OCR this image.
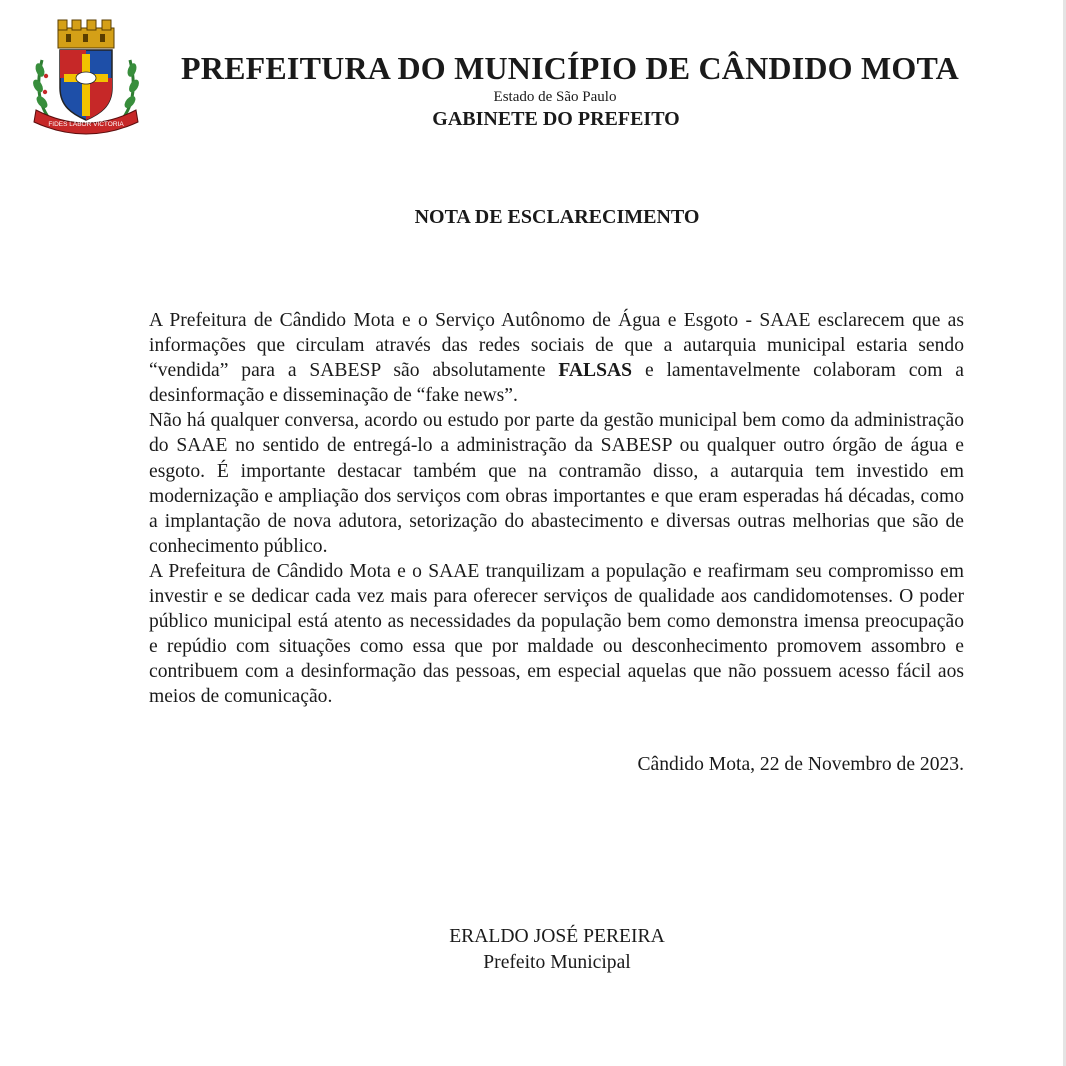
FIDES LABOR VICTORIA
PREFEITURA DO MUNICÍPIO DE CÂNDIDO MOTA
Estado de São Paulo
GABINETE DO PREFEITO
NOTA DE ESCLARECIMENTO

A Prefeitura de Cândido Mota e o Serviço Autônomo de Água e Esgoto - SAAE esclarecem que as informações que circulam através das redes sociais de que a autarquia municipal estaria sendo “vendida” para a SABESP são absolutamente FALSAS e lamentavelmente colaboram com a desinformação e disseminação de “fake news”.

Não há qualquer conversa, acordo ou estudo por parte da gestão municipal bem como da administração do SAAE no sentido de entregá-lo a administração da SABESP ou qualquer outro órgão de água e esgoto. É importante destacar também que na contramão disso, a autarquia tem investido em modernização e ampliação dos serviços com obras importantes e que eram esperadas há décadas, como a implantação de nova adutora, setorização do abastecimento e diversas outras melhorias que são de conhecimento público.

A Prefeitura de Cândido Mota e o SAAE tranquilizam a população e reafirmam seu compromisso em investir e se dedicar cada vez mais para oferecer serviços de qualidade aos candidomotenses. O poder público municipal está atento as necessidades da população bem como demonstra imensa preocupação e repúdio com situações como essa que por maldade ou desconhecimento promovem assombro e contribuem com a desinformação das pessoas, em especial aquelas que não possuem acesso fácil aos meios de comunicação.

Cândido Mota, 22 de Novembro de 2023.
ERALDO JOSÉ PEREIRA
Prefeito Municipal
